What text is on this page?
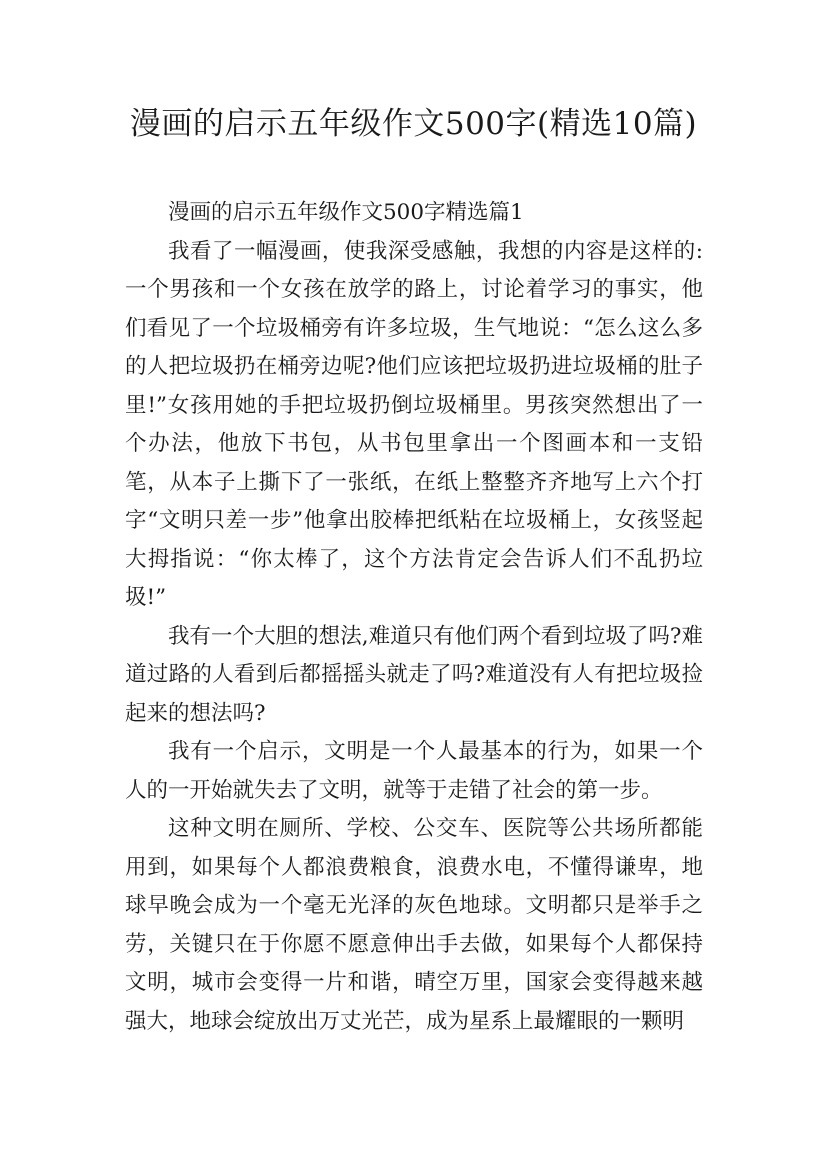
漫画的启示五年级作文500字(精选10篇)

漫画的启示五年级作文500字精选篇1

我看了一幅漫画，使我深受感触，我想的内容是这样的:一个男孩和一个女孩在放学的路上，讨论着学习的事实，他们看见了一个垃圾桶旁有许多垃圾，生气地说：“怎么这么多的人把垃圾扔在桶旁边呢?他们应该把垃圾扔进垃圾桶的肚子里!”女孩用她的手把垃圾扔倒垃圾桶里。男孩突然想出了一个办法，他放下书包，从书包里拿出一个图画本和一支铅笔，从本子上撕下了一张纸，在纸上整整齐齐地写上六个打字“文明只差一步”他拿出胶棒把纸粘在垃圾桶上，女孩竖起大拇指说：“你太棒了，这个方法肯定会告诉人们不乱扔垃圾!”

我有一个大胆的想法,难道只有他们两个看到垃圾了吗?难道过路的人看到后都摇摇头就走了吗?难道没有人有把垃圾捡起来的想法吗?

我有一个启示，文明是一个人最基本的行为，如果一个人的一开始就失去了文明，就等于走错了社会的第一步。

这种文明在厕所、学校、公交车、医院等公共场所都能用到，如果每个人都浪费粮食，浪费水电，不懂得谦卑，地球早晚会成为一个毫无光泽的灰色地球。文明都只是举手之劳，关键只在于你愿不愿意伸出手去做，如果每个人都保持文明，城市会变得一片和谐，晴空万里，国家会变得越来越强大，地球会绽放出万丈光芒，成为星系上最耀眼的一颗明
